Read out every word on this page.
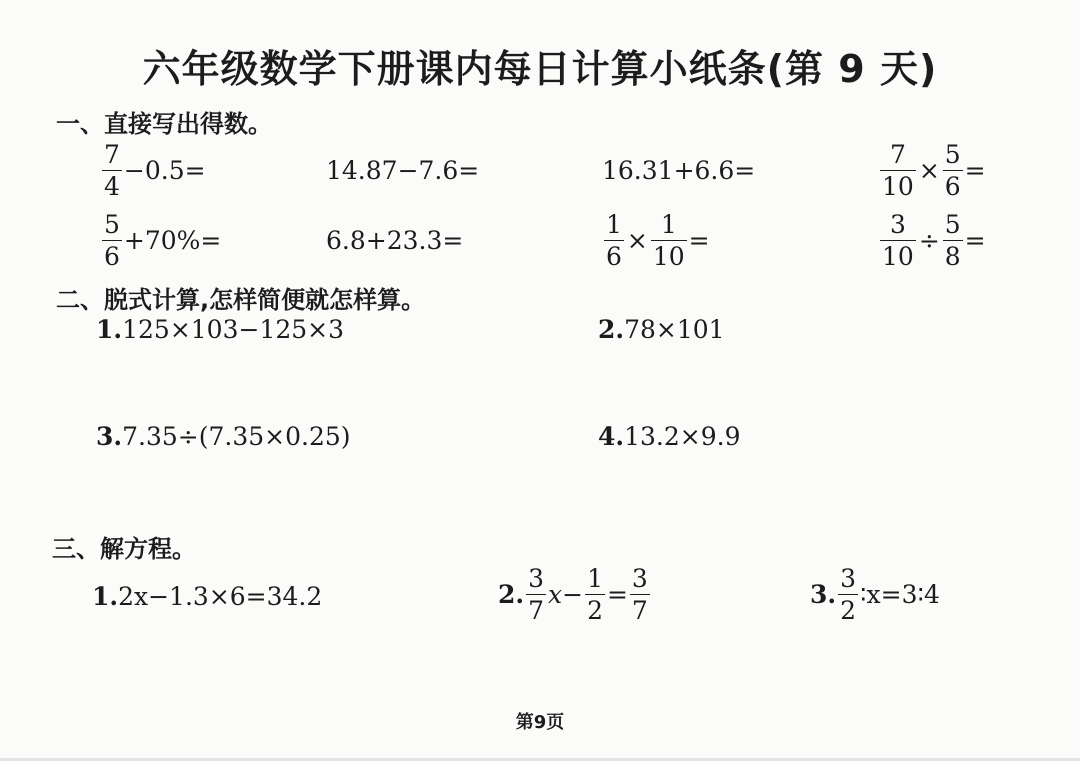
六年级数学下册课内每日计算小纸条(第 9 天)
一、直接写出得数。
$\frac{7}{4} -0.5=$	14.87−7.6=	16.31+6.6=	$\frac{7}{10} \times \frac{5}{6}$ =
$\frac{5}{6} +70\%=$	6.8+23.3=	$\frac{1}{6} \times \frac{1}{10}$ =	$\frac{3}{10} \div \frac{5}{8}$ =
二、脱式计算,怎样简便就怎样算。
1. 125×103−125×3	2. 78×101
3. 7.35÷(7.35×0.25)	4. 13.2×9.9
三、解方程。
1. 2x−1.3×6=34.2	2. $\frac{3}{7} x- \frac{1}{2} = \frac{3}{7}$	3. $\frac{3}{2}$ ∶x=3∶4
第9页
